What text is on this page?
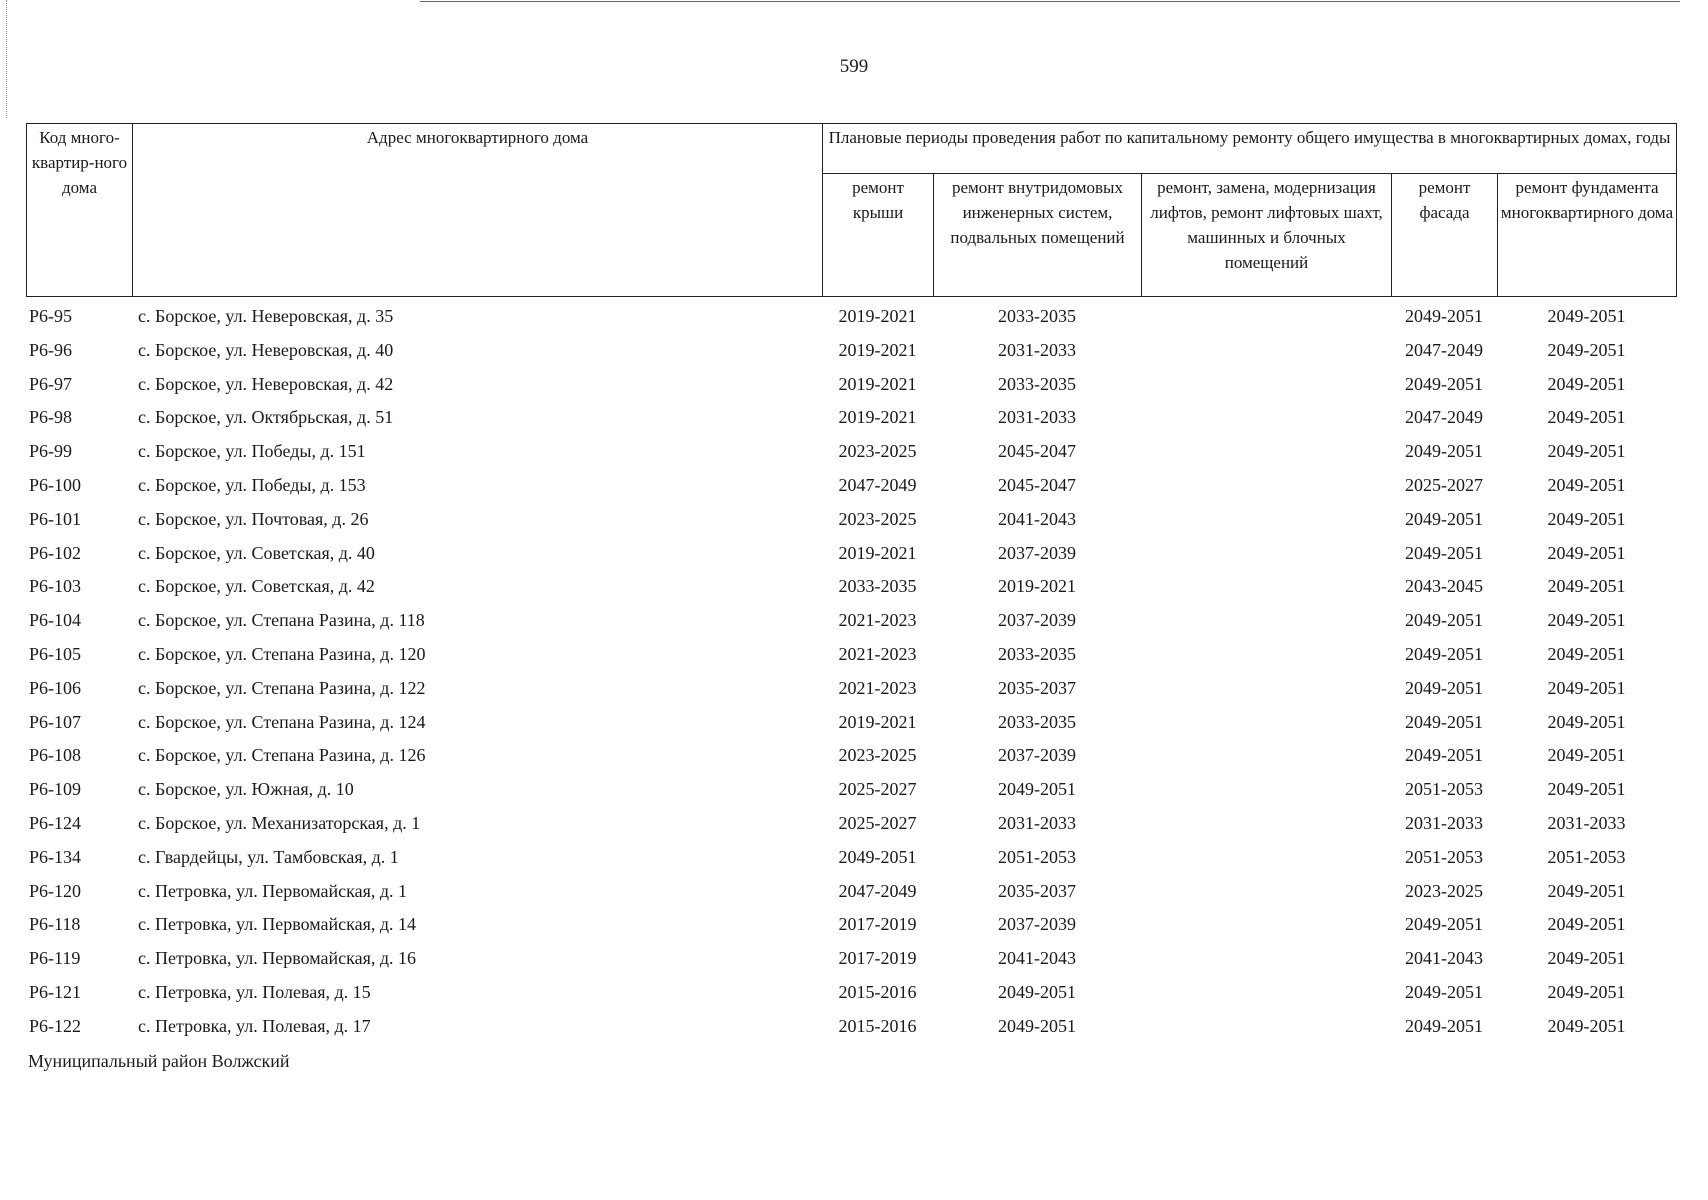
599
Код много-квартир-ного дома	Адрес многоквартирного дома	Плановые периоды проведения работ по капитальному ремонту общего имущества в многоквартирных домах, годы				
		ремонт крыши	ремонт внутридомовых инженерных систем, подвальных помещений	ремонт, замена, модернизация лифтов, ремонт лифтовых шахт, машинных и блочных помещений	ремонт фасада	ремонт фундамента многоквартирного дома
Р6-95	с. Борское, ул. Неверовская, д. 35	2019-2021	2033-2035		2049-2051	2049-2051
Р6-96	с. Борское, ул. Неверовская, д. 40	2019-2021	2031-2033		2047-2049	2049-2051
Р6-97	с. Борское, ул. Неверовская, д. 42	2019-2021	2033-2035		2049-2051	2049-2051
Р6-98	с. Борское, ул. Октябрьская, д. 51	2019-2021	2031-2033		2047-2049	2049-2051
Р6-99	с. Борское, ул. Победы, д. 151	2023-2025	2045-2047		2049-2051	2049-2051
Р6-100	с. Борское, ул. Победы, д. 153	2047-2049	2045-2047		2025-2027	2049-2051
Р6-101	с. Борское, ул. Почтовая, д. 26	2023-2025	2041-2043		2049-2051	2049-2051
Р6-102	с. Борское, ул. Советская, д. 40	2019-2021	2037-2039		2049-2051	2049-2051
Р6-103	с. Борское, ул. Советская, д. 42	2033-2035	2019-2021		2043-2045	2049-2051
Р6-104	с. Борское, ул. Степана Разина, д. 118	2021-2023	2037-2039		2049-2051	2049-2051
Р6-105	с. Борское, ул. Степана Разина, д. 120	2021-2023	2033-2035		2049-2051	2049-2051
Р6-106	с. Борское, ул. Степана Разина, д. 122	2021-2023	2035-2037		2049-2051	2049-2051
Р6-107	с. Борское, ул. Степана Разина, д. 124	2019-2021	2033-2035		2049-2051	2049-2051
Р6-108	с. Борское, ул. Степана Разина, д. 126	2023-2025	2037-2039		2049-2051	2049-2051
Р6-109	с. Борское, ул. Южная, д. 10	2025-2027	2049-2051		2051-2053	2049-2051
Р6-124	с. Борское, ул. Механизаторская, д. 1	2025-2027	2031-2033		2031-2033	2031-2033
Р6-134	с. Гвардейцы, ул. Тамбовская, д. 1	2049-2051	2051-2053		2051-2053	2051-2053
Р6-120	с. Петровка, ул. Первомайская, д. 1	2047-2049	2035-2037		2023-2025	2049-2051
Р6-118	с. Петровка, ул. Первомайская, д. 14	2017-2019	2037-2039		2049-2051	2049-2051
Р6-119	с. Петровка, ул. Первомайская, д. 16	2017-2019	2041-2043		2041-2043	2049-2051
Р6-121	с. Петровка, ул. Полевая, д. 15	2015-2016	2049-2051		2049-2051	2049-2051
Р6-122	с. Петровка, ул. Полевая, д. 17	2015-2016	2049-2051		2049-2051	2049-2051
Муниципальный район Волжский
